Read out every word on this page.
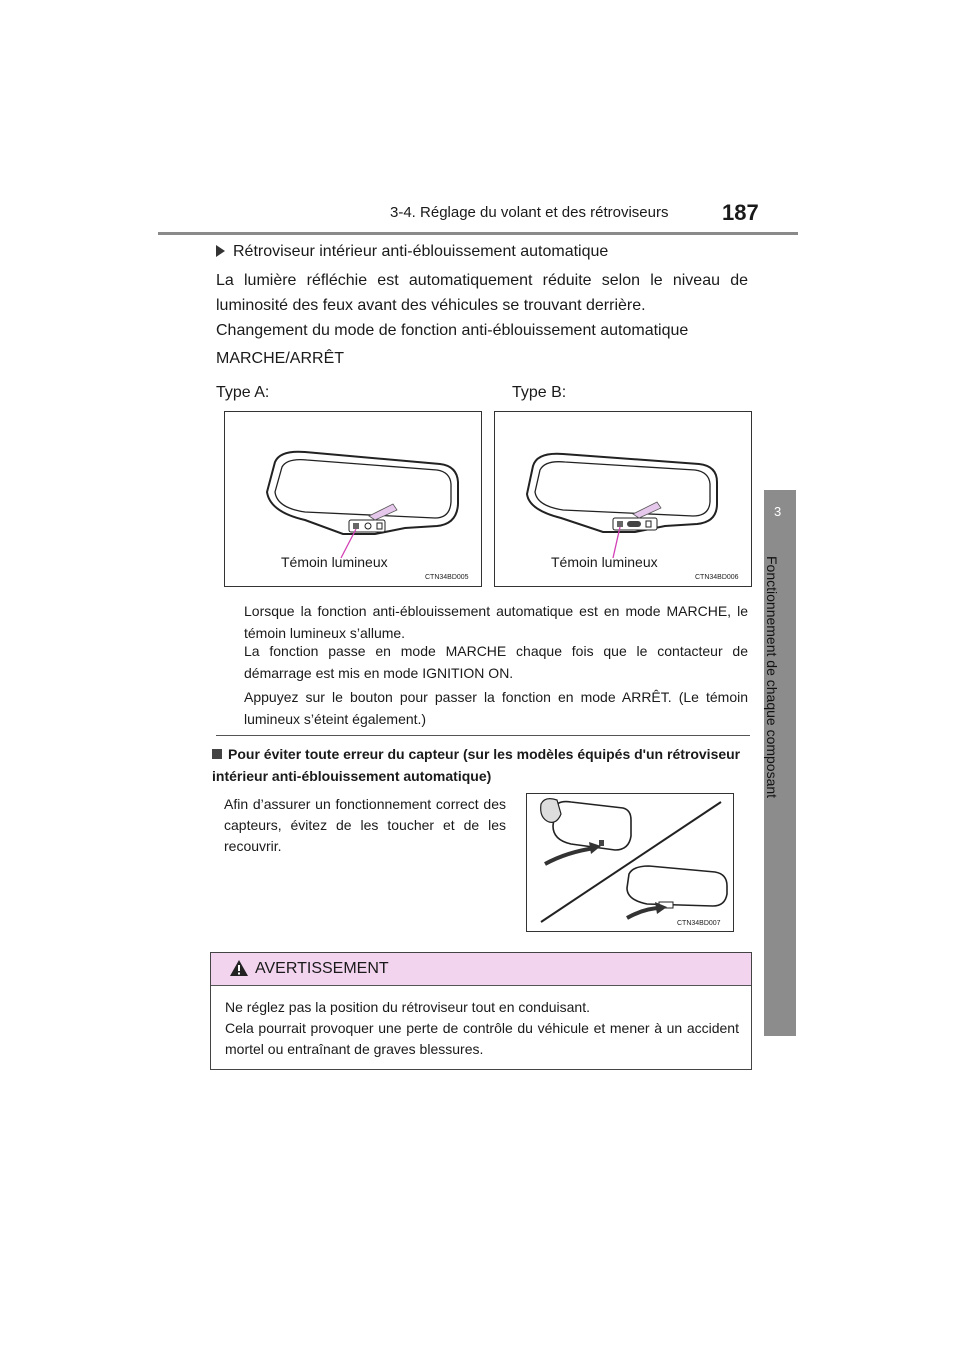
3-4. Réglage du volant et des rétroviseurs 187
3
Fonctionnement de chaque composant
Rétroviseur intérieur anti-éblouissement automatique
La lumière réfléchie est automatiquement réduite selon le niveau de luminosité des feux avant des véhicules se trouvant derrière.
Changement du mode de fonction anti-éblouissement automatique
MARCHE/ARRÊT
Type A:	Type B:
Témoin lumineux
CTN34BD005
Témoin lumineux
CTN34BD006
Lorsque la fonction anti-éblouissement automatique est en mode MARCHE, le témoin lumineux s’allume.
La fonction passe en mode MARCHE chaque fois que le contacteur de démarrage est mis en mode IGNITION ON.
Appuyez sur le bouton pour passer la fonction en mode ARRÊT. (Le témoin lumineux s’éteint également.)
Pour éviter toute erreur du capteur (sur les modèles équipés d'un rétroviseur intérieur anti-éblouissement automatique)
Afin d’assurer un fonctionnement correct des capteurs, évitez de les toucher et de les recouvrir.
CTN34BD007
AVERTISSEMENT
Ne réglez pas la position du rétroviseur tout en conduisant.
Cela pourrait provoquer une perte de contrôle du véhicule et mener à un accident mortel ou entraînant de graves blessures.
